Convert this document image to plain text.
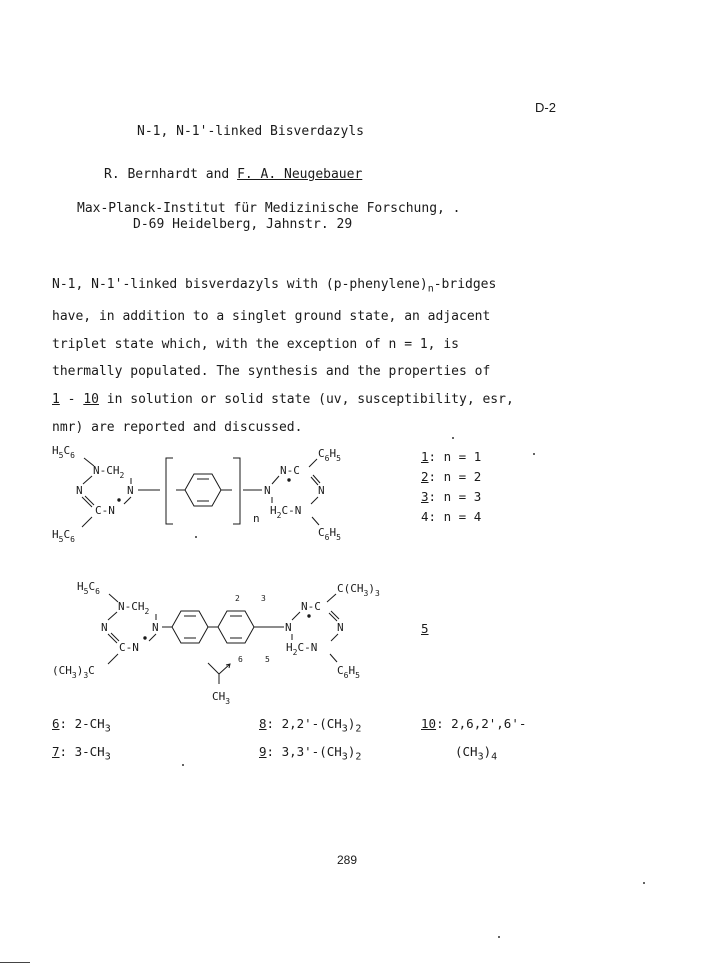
D-2
N-1, N-1'-linked Bisverdazyls
R. Bernhardt and F. A. Neugebauer
Max-Planck-Institut für Medizinische Forschung, .
D-69 Heidelberg, Jahnstr. 29
N-1, N-1'-linked bisverdazyls with $(p-phenylene)_n$-bridges
have, in addition to a singlet ground state, an adjacent
triplet state which, with the exception of n = 1, is
thermally populated. The synthesis and the properties of
1 - 10 in solution or solid state (uv, susceptibility, esr,
nmr) are reported and discussed.
$H_5C_6$
$N-CH_2$
N	N
C-N
$H_5C_6$
n
$C_6H_5$
N-C
N	N
$H_2C-N$
$C_6H_5$
$H_5C_6$
$N-CH_2$
N	N
C-N
$(CH_3)_3C$
2	3
6	5
$CH_3$
$C(CH_3)_3$
N-C
N	N
$H_2C-N$
$C_6H_5$
1: n = 1
2: n = 2
3: n = 3
4: n = 4
5
6: $2-CH_3$
7: $3-CH_3$
8: $2,2'-(CH_3)_2$
9: $3,3'-(CH_3)_2$
10: 2,6,2',6'-
$(CH_3)_4$
289
